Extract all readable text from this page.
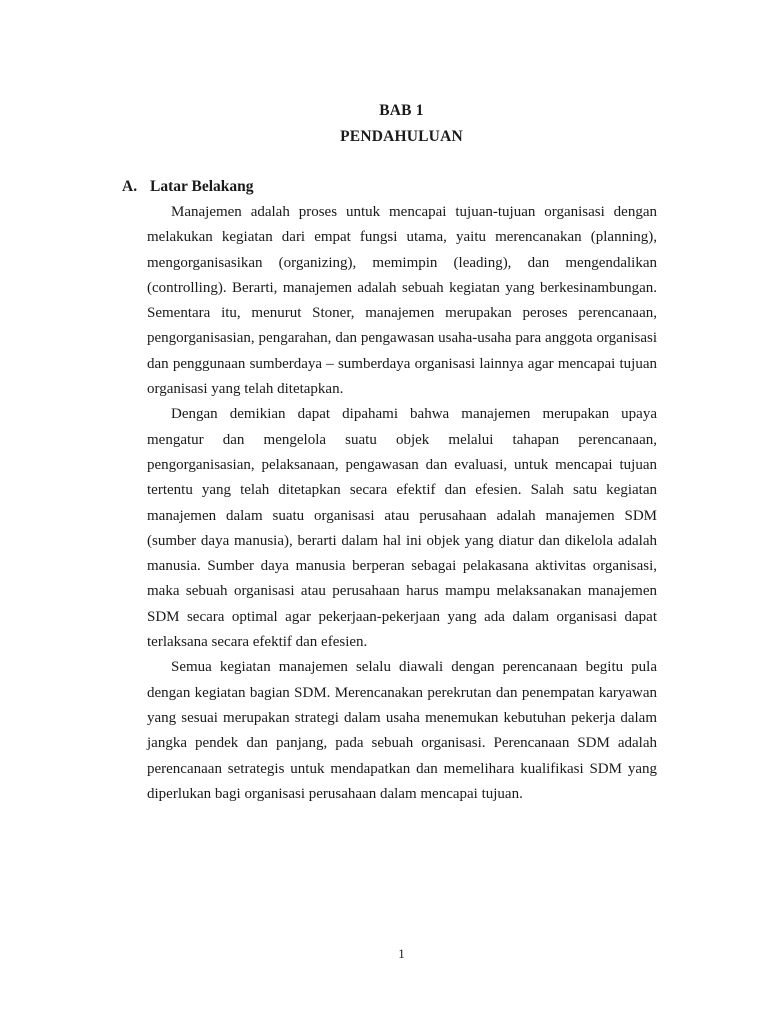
BAB 1
PENDAHULUAN
A. Latar Belakang

Manajemen adalah proses untuk mencapai tujuan-tujuan organisasi dengan melakukan kegiatan dari empat fungsi utama, yaitu merencanakan (planning), mengorganisasikan (organizing), memimpin (leading), dan mengendalikan (controlling). Berarti, manajemen adalah sebuah kegiatan yang berkesinambungan. Sementara itu, menurut Stoner, manajemen merupakan peroses perencanaan, pengorganisasian, pengarahan, dan pengawasan usaha-usaha para anggota organisasi dan penggunaan sumberdaya – sumberdaya organisasi lainnya agar mencapai tujuan organisasi yang telah ditetapkan.

Dengan demikian dapat dipahami bahwa manajemen merupakan upaya mengatur dan mengelola suatu objek melalui tahapan perencanaan, pengorganisasian, pelaksanaan, pengawasan dan evaluasi, untuk mencapai tujuan tertentu yang telah ditetapkan secara efektif dan efesien. Salah satu kegiatan manajemen dalam suatu organisasi atau perusahaan adalah manajemen SDM (sumber daya manusia), berarti dalam hal ini objek yang diatur dan dikelola adalah manusia. Sumber daya manusia berperan sebagai pelakasana aktivitas organisasi, maka sebuah organisasi atau perusahaan harus mampu melaksanakan manajemen SDM secara optimal agar pekerjaan-pekerjaan yang ada dalam organisasi dapat terlaksana secara efektif dan efesien.

Semua kegiatan manajemen selalu diawali dengan perencanaan begitu pula dengan kegiatan bagian SDM. Merencanakan perekrutan dan penempatan karyawan yang sesuai merupakan strategi dalam usaha menemukan kebutuhan pekerja dalam jangka pendek dan panjang, pada sebuah organisasi. Perencanaan SDM adalah perencanaan setrategis untuk mendapatkan dan memelihara kualifikasi SDM yang diperlukan bagi organisasi perusahaan dalam mencapai tujuan.

1
